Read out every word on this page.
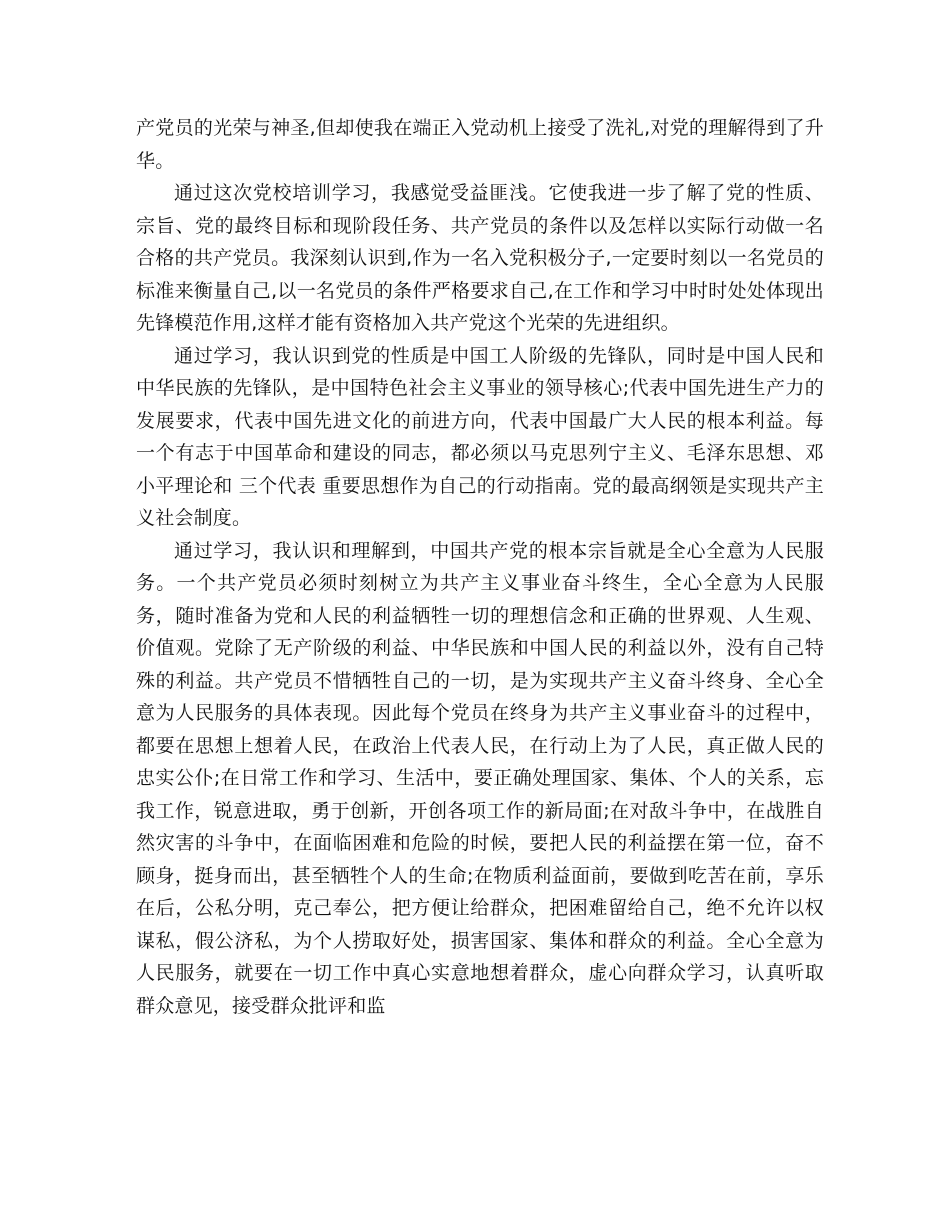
产党员的光荣与神圣,但却使我在端正入党动机上接受了洗礼,对党的理解得到了升华。

通过这次党校培训学习，我感觉受益匪浅。它使我进一步了解了党的性质、宗旨、党的最终目标和现阶段任务、共产党员的条件以及怎样以实际行动做一名合格的共产党员。我深刻认识到,作为一名入党积极分子,一定要时刻以一名党员的标准来衡量自己,以一名党员的条件严格要求自己,在工作和学习中时时处处体现出先锋模范作用,这样才能有资格加入共产党这个光荣的先进组织。

通过学习，我认识到党的性质是中国工人阶级的先锋队，同时是中国人民和中华民族的先锋队，是中国特色社会主义事业的领导核心;代表中国先进生产力的发展要求，代表中国先进文化的前进方向，代表中国最广大人民的根本利益。每一个有志于中国革命和建设的同志，都必须以马克思列宁主义、毛泽东思想、邓小平理论和 三个代表 重要思想作为自己的行动指南。党的最高纲领是实现共产主义社会制度。

通过学习，我认识和理解到，中国共产党的根本宗旨就是全心全意为人民服务。一个共产党员必须时刻树立为共产主义事业奋斗终生，全心全意为人民服务，随时准备为党和人民的利益牺牲一切的理想信念和正确的世界观、人生观、价值观。党除了无产阶级的利益、中华民族和中国人民的利益以外，没有自己特殊的利益。共产党员不惜牺牲自己的一切，是为实现共产主义奋斗终身、全心全意为人民服务的具体表现。因此每个党员在终身为共产主义事业奋斗的过程中，都要在思想上想着人民，在政治上代表人民，在行动上为了人民，真正做人民的忠实公仆;在日常工作和学习、生活中，要正确处理国家、集体、个人的关系，忘我工作，锐意进取，勇于创新，开创各项工作的新局面;在对敌斗争中，在战胜自然灾害的斗争中，在面临困难和危险的时候，要把人民的利益摆在第一位，奋不顾身，挺身而出，甚至牺牲个人的生命;在物质利益面前，要做到吃苦在前，享乐在后，公私分明，克己奉公，把方便让给群众，把困难留给自己，绝不允许以权谋私，假公济私，为个人捞取好处，损害国家、集体和群众的利益。全心全意为人民服务，就要在一切工作中真心实意地想着群众，虚心向群众学习，认真听取群众意见，接受群众批评和监
